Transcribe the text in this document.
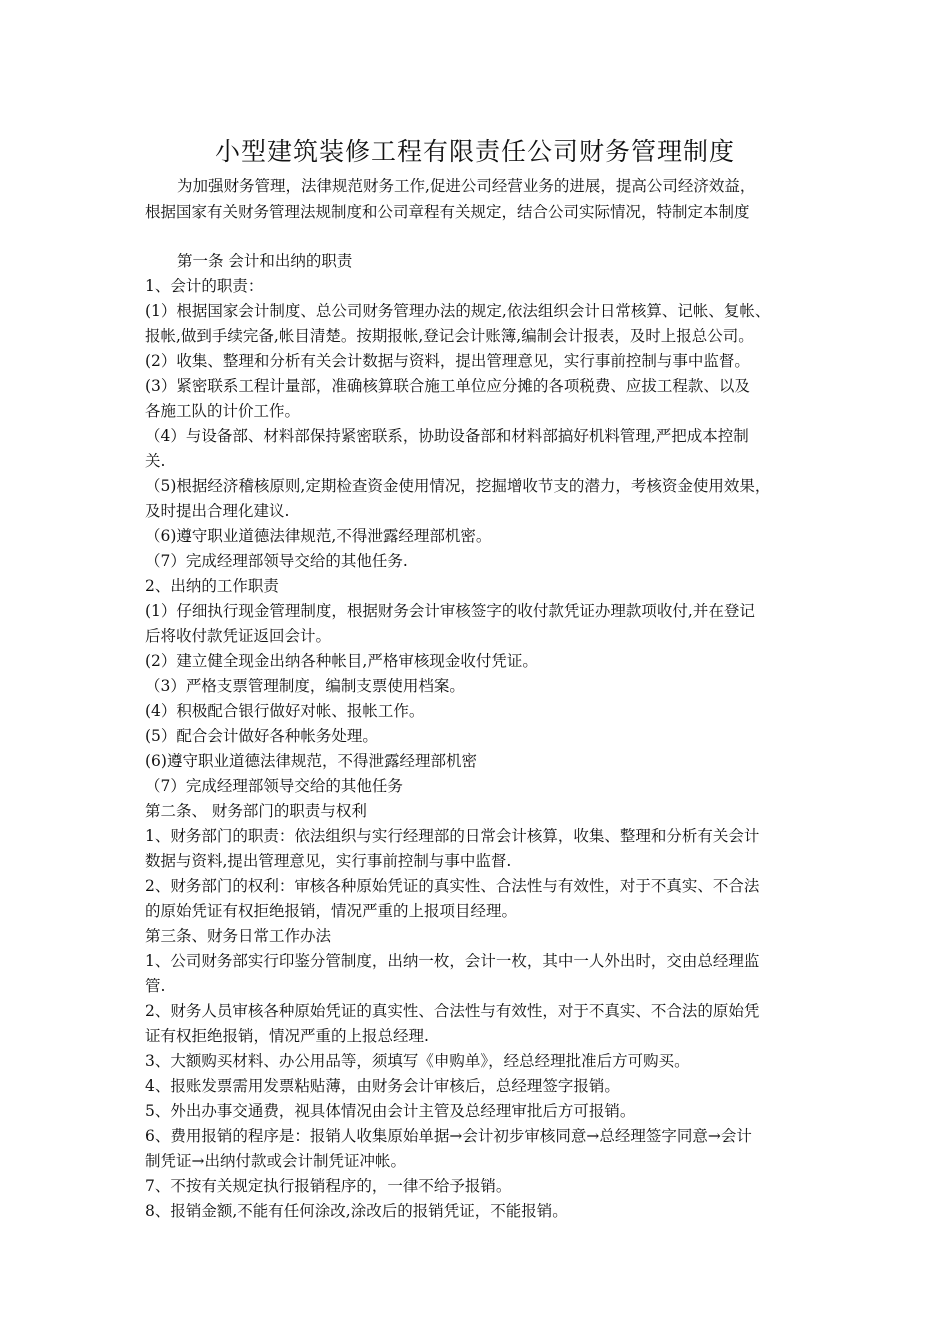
小型建筑装修工程有限责任公司财务管理制度

为加强财务管理，法律规范财务工作,促进公司经营业务的进展，提高公司经济效益，

根据国家有关财务管理法规制度和公司章程有关规定，结合公司实际情况，特制定本制度

第一条 会计和出纳的职责

1、会计的职责：

(1）根据国家会计制度、总公司财务管理办法的规定,依法组织会计日常核算、记帐、复帐、

报帐,做到手续完备,帐目清楚。按期报帐,登记会计账簿,编制会计报表，及时上报总公司。

(2）收集、整理和分析有关会计数据与资料，提出管理意见，实行事前控制与事中监督。

(3）紧密联系工程计量部，准确核算联合施工单位应分摊的各项税费、应拔工程款、以及

各施工队的计价工作。

（4）与设备部、材料部保持紧密联系，协助设备部和材料部搞好机料管理,严把成本控制

关.

（5)根据经济稽核原则,定期检查资金使用情况，挖掘增收节支的潜力，考核资金使用效果，

及时提出合理化建议.

（6)遵守职业道德法律规范,不得泄露经理部机密。

（7）完成经理部领导交给的其他任务.

2、出纳的工作职责

(1）仔细执行现金管理制度，根据财务会计审核签字的收付款凭证办理款项收付,并在登记

后将收付款凭证返回会计。

(2）建立健全现金出纳各种帐目,严格审核现金收付凭证。

（3）严格支票管理制度，编制支票使用档案。

(4）积极配合银行做好对帐、报帐工作。

(5）配合会计做好各种帐务处理。

(6)遵守职业道德法律规范，不得泄露经理部机密

（7）完成经理部领导交给的其他任务

第二条、 财务部门的职责与权利

1、财务部门的职责：依法组织与实行经理部的日常会计核算，收集、整理和分析有关会计

数据与资料,提出管理意见，实行事前控制与事中监督.

2、财务部门的权利：审核各种原始凭证的真实性、合法性与有效性，对于不真实、不合法

的原始凭证有权拒绝报销，情况严重的上报项目经理。

第三条、财务日常工作办法

1、公司财务部实行印鉴分管制度，出纳一枚，会计一枚，其中一人外出时，交由总经理监

管.

2、财务人员审核各种原始凭证的真实性、合法性与有效性，对于不真实、不合法的原始凭

证有权拒绝报销，情况严重的上报总经理.

3、大额购买材料、办公用品等，须填写《申购单》，经总经理批准后方可购买。

4、报账发票需用发票粘贴薄，由财务会计审核后，总经理签字报销。

5、外出办事交通费，视具体情况由会计主管及总经理审批后方可报销。

6、费用报销的程序是：报销人收集原始单据→会计初步审核同意→总经理签字同意→会计

制凭证→出纳付款或会计制凭证冲帐。

7、不按有关规定执行报销程序的，一律不给予报销。

8、报销金额,不能有任何涂改,涂改后的报销凭证，不能报销。
